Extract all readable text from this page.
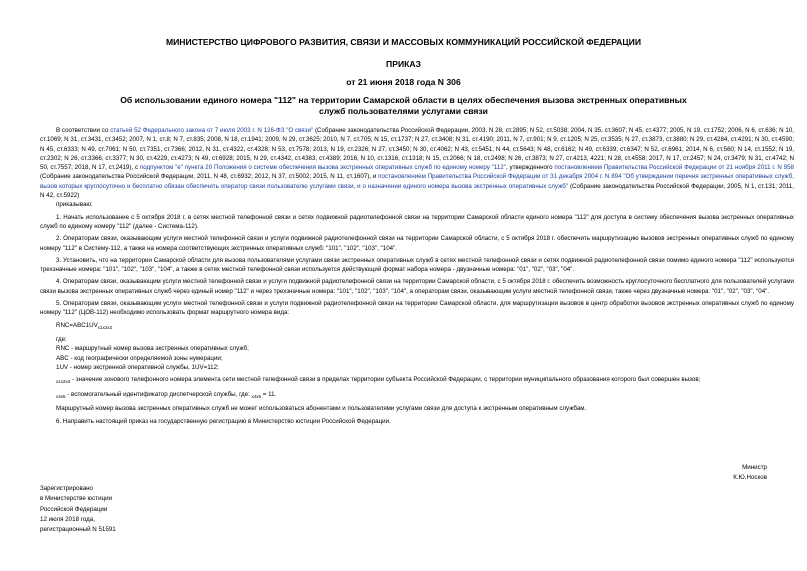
МИНИСТЕРСТВО ЦИФРОВОГО РАЗВИТИЯ, СВЯЗИ И МАССОВЫХ КОММУНИКАЦИЙ РОССИЙСКОЙ ФЕДЕРАЦИИ
ПРИКАЗ
от 21 июня 2018 года N 306
Об использовании единого номера "112" на территории Самарской области в целях обеспечения вызова экстренных оперативных служб пользователями услугами связи

В соответствии со статьей 52 Федерального закона от 7 июля 2003 г. N 126-ФЗ "О связи" (Собрание законодательства Российской Федерации, 2003, N 28, ст.2895; N 52, ст.5038; 2004, N 35, ст.3607; N 45, ст.4377; 2005, N 19, ст.1752; 2006, N 6, ст.636; N 10, ст.1069; N 31, ст.3431, ст.3452; 2007, N 1, ст.8; N 7, ст.835; 2008, N 18, ст.1941; 2009, N 29, ст.3625; 2010, N 7, ст.705; N 15, ст.1737; N 27, ст.3408; N 31, ст.4190; 2011, N 7, ст.901; N 9, ст.1205; N 25, ст.3535; N 27, ст.3873, ст.3880; N 29, ст.4284, ст.4291; N 30, ст.4590; N 45, ст.6333; N 49, ст.7061; N 50, ст.7351, ст.7366; 2012, N 31, ст.4322, ст.4328; N 53, ст.7578; 2013, N 19, ст.2326; N 27, ст.3450; N 30, ст.4062; N 43, ст.5451; N 44, ст.5643; N 48, ст.6162; N 49, ст.6339; ст.6347; N 52, ст.6961; 2014, N 6, ст.560; N 14, ст.1552; N 19, ст.2302; N 26, ст.3366, ст.3377; N 30, ст.4229, ст.4273; N 49, ст.6928; 2015, N 29, ст.4342, ст.4383, ст.4389; 2016, N 10, ст.1316, ст.1318; N 15, ст.2066; N 18, ст.2498; N 26, ст.3873; N 27, ст.4213, 4221; N 28, ст.4558; 2017, N 17, ст.2457; N 24, ст.3479; N 31, ст.4742; N 50, ст.7557; 2018, N 17, ст.2419), с подпунктом "е" пункта 20 Положения о системе обеспечения вызова экстренных оперативных служб по единому номеру "112", утвержденного постановлением Правительства Российской Федерации от 21 ноября 2011 г. N 958 (Собрание законодательства Российской Федерации, 2011, N 48, ст.6932; 2012, N 37, ст.5002; 2015, N 11, ст.1607), и постановлением Правительства Российской Федерации от 31 декабря 2004 г. N 894 "Об утверждении перечня экстренных оперативных служб, вызов которых круглосуточно и бесплатно обязан обеспечить оператор связи пользователю услугами связи, и о назначении единого номера вызова экстренных оперативных служб" (Собрание законодательства Российской Федерации, 2005, N 1, ст.131; 2011, N 42, ст.5922)

приказываю:

1. Начать использование с 5 октября 2018 г. в сетях местной телефонной связи и сетях подвижной радиотелефонной связи на территории Самарской области единого номера "112" для доступа в систему обеспечения вызова экстренных оперативных служб по единому номеру "112" (далее - Система-112).

2. Операторам связи, оказывающим услуги местной телефонной связи и услуги подвижной радиотелефонной связи на территории Самарской области, с 5 октября 2018 г. обеспечить маршрутизацию вызовов экстренных оперативных служб по единому номеру "112" в Систему-112, а также на номера соответствующих экстренных оперативных служб: "101", "102", "103", "104".

3. Установить, что на территории Самарской области для вызова пользователями услугами связи экстренных оперативных служб в сетях местной телефонной связи и сетях подвижной радиотелефонной связи помимо единого номера "112" используются трехзначные номера: "101", "102", "103", "104", а также в сетях местной телефонной связи используется действующий формат набора номера - двузначные номера: "01", "02", "03", "04".

4. Операторам связи, оказывающим услуги местной телефонной связи и услуги подвижной радиотелефонной связи на территории Самарской области, с 5 октября 2018 г. обеспечить возможность круглосуточного бесплатного для пользователей услугами связи вызова экстренных оперативных служб через единый номер "112" и через трехзначные номера: "101", "102", "103", "104", а операторам связи, оказывающим услуги местной телефонной связи, также через двузначные номера: "01", "02", "03", "04".

5. Операторам связи, оказывающим услуги местной телефонной связи и услуги подвижной радиотелефонной связи на территории Самарской области, для маршрутизации вызовов в центр обработки вызовов экстренных оперативных служб по единому номеру "112" (ЦОВ-112) необходимо использовать формат маршрутного номера вида:

$RNC=ABC1UV_{x1x2x3}$

где:

RNC - маршрутный номер вызова экстренных оперативных служб;

ABC - код географически определяемой зоны нумерации;

1UV - номер экстренной оперативной службы, 1UV=112;

$_{x1x2x3}$ - значение зонового телефонного номера элемента сети местной телефонной связи в пределах территории субъекта Российской Федерации, с территории муниципального образования которого был совершен вызов;

$_{x4x5}$ - вспомогательный идентификатор диспетчерской службы, где: $_{x4x5}$ = 11.

Маршрутный номер вызова экстренных оперативных служб не может использоваться абонентами и пользователями услугами связи для доступа к экстренным оперативным службам.

6. Направить настоящий приказ на государственную регистрацию в Министерство юстиции Российской Федерации.

Министр
К.Ю.Носков
Зарегистрировано
в Министерстве юстиции
Российской Федерации
12 июля 2018 года,
регистрационный N 51591
